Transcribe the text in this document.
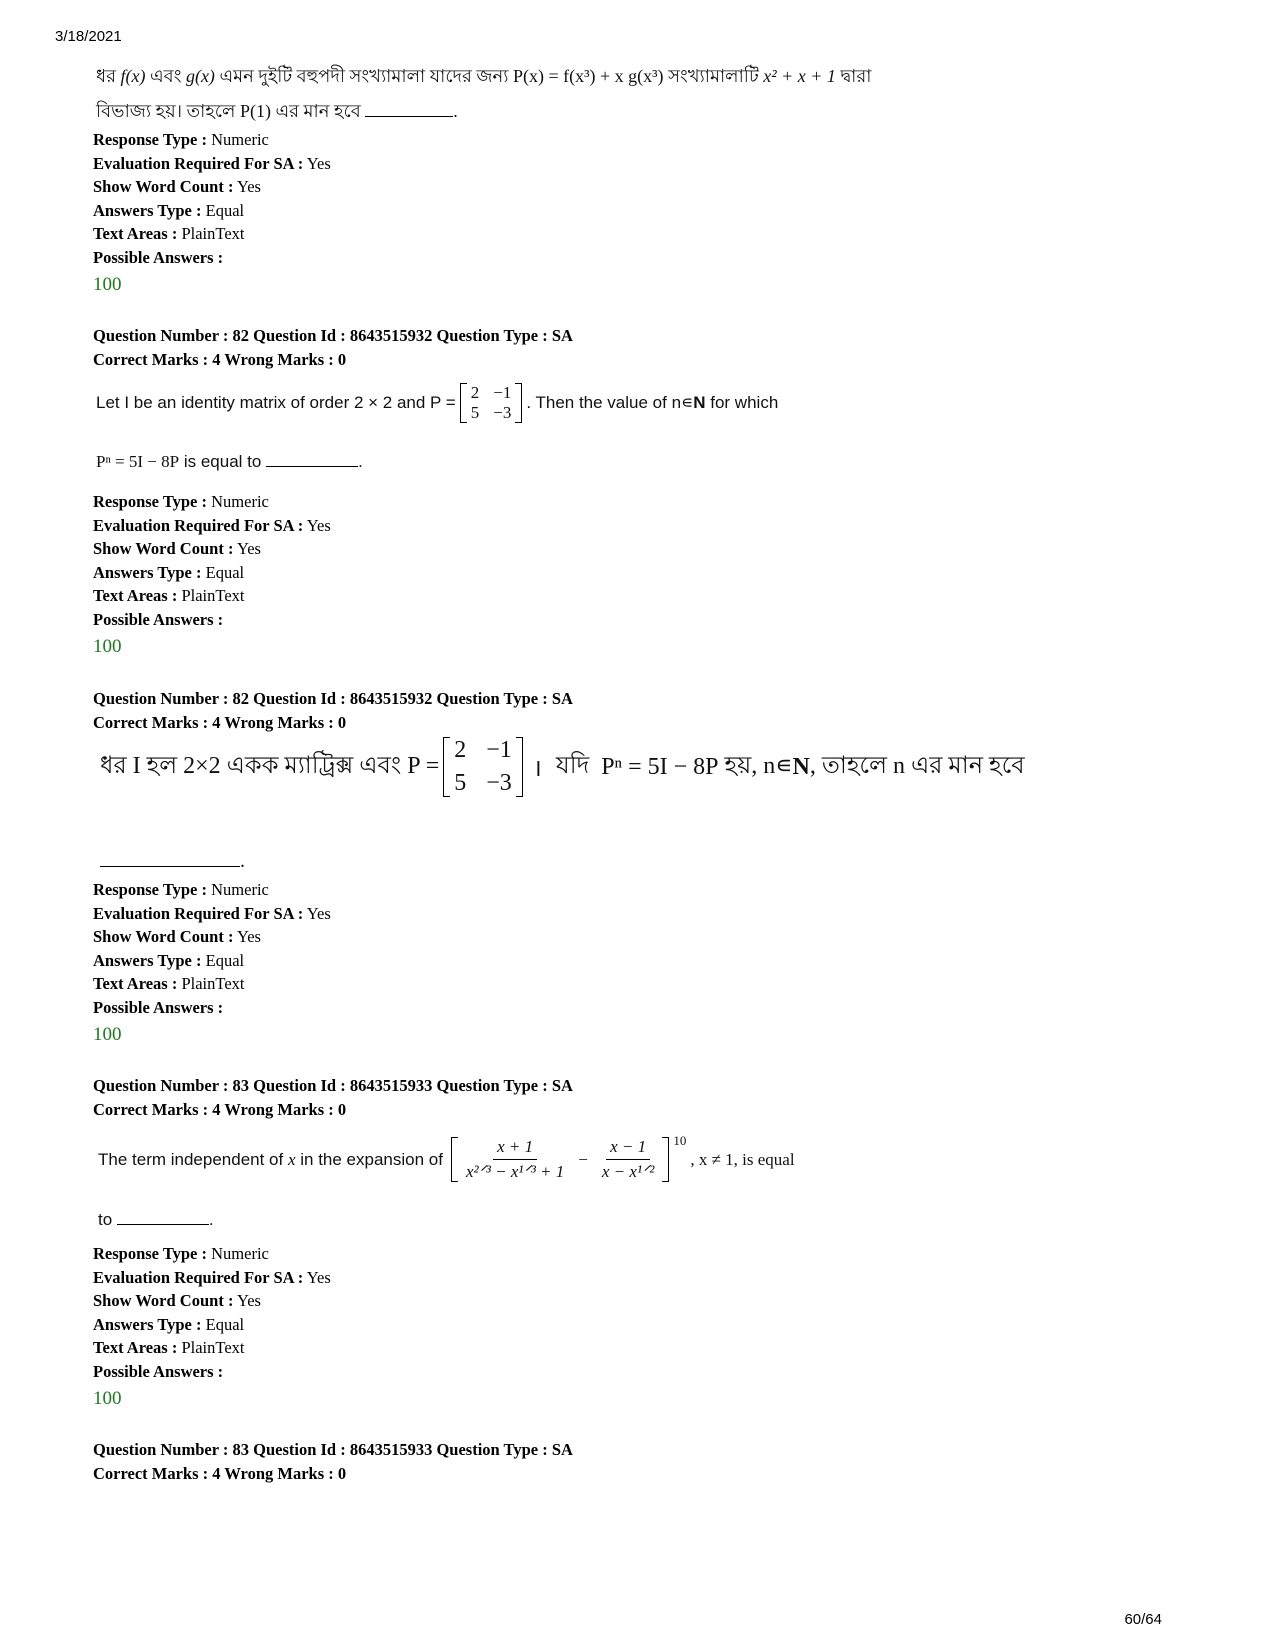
3/18/2021
ধর f(x) এবং g(x) এমন দুইটি বহুপদী সংখ্যামালা যাদের জন্য P(x) = f(x³) + x g(x³) সংখ্যামালাটি x² + x + 1 দ্বারা
বিভাজ্য হয়। তাহলে P(1) এর মান হবে	.
Response Type : Numeric
Evaluation Required For SA : Yes
Show Word Count : Yes
Answers Type : Equal
Text Areas : PlainText
Possible Answers :
100
Question Number : 82 Question Id : 8643515932 Question Type : SA
Correct Marks : 4 Wrong Marks : 0
Let I be an identity matrix of order 2 × 2 and P =
2 −1
5 −3
. Then the value of n∊ N
for which
Pⁿ = 5I − 8P is equal to	.
Response Type : Numeric
Evaluation Required For SA : Yes
Show Word Count : Yes
Answers Type : Equal
Text Areas : PlainText
Possible Answers :
100
Question Number : 82 Question Id : 8643515932 Question Type : SA
Correct Marks : 4 Wrong Marks : 0
ধর I হল 2×2 একক ম্যাট্রিক্স এবং P =
2 −1
5 −3
। যদি
Pⁿ = 5I − 8P
হয়, n∊ N , তাহলে n এর মান হবে
.
Response Type : Numeric
Evaluation Required For SA : Yes
Show Word Count : Yes
Answers Type : Equal
Text Areas : PlainText
Possible Answers :
100
Question Number : 83 Question Id : 8643515933 Question Type : SA
Correct Marks : 4 Wrong Marks : 0
The term independent of
x
in the expansion of $\frac{x + 1}{\text{x²ᐟ³ − x¹ᐟ³ + 1}} - \frac{x - 1}{\text{x − x¹ᐟ²}} ^{10}$
, x ≠ 1, is equal
to	.
Response Type : Numeric
Evaluation Required For SA : Yes
Show Word Count : Yes
Answers Type : Equal
Text Areas : PlainText
Possible Answers :
100
Question Number : 83 Question Id : 8643515933 Question Type : SA
Correct Marks : 4 Wrong Marks : 0
60/64
